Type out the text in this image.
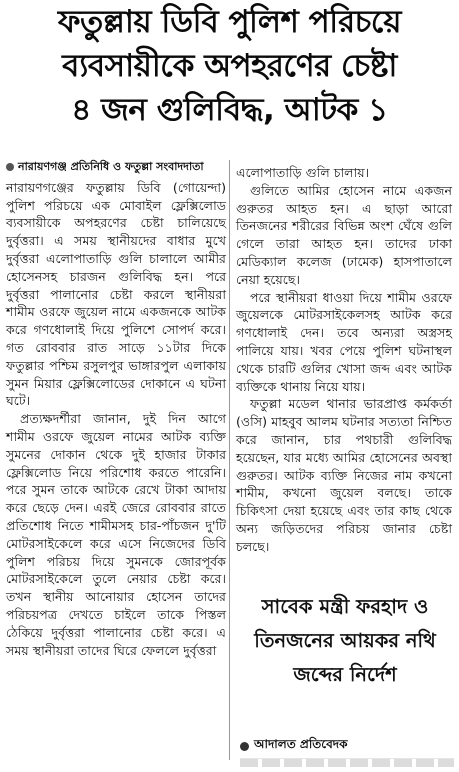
ফতুল্লায় ডিবি পুলিশ পরিচয়ে
ব্যবসায়ীকে অপহরণের চেষ্টা
৪ জন গুলিবিদ্ধ, আটক ১
নারায়ণগঞ্জ প্রতিনিধি ও ফতুল্লা সংবাদদাতা

নারায়ণগঞ্জের ফতুল্লায় ডিবি (গোয়েন্দা) পুলিশ পরিচয়ে এক মোবাইল ফ্লেক্সিলোড ব্যবসায়ীকে অপহরণের চেষ্টা চালিয়েছে দুর্বৃত্তরা। এ সময় স্থানীয়দের বাধার মুখে দুর্বৃত্তরা এলোপাতাড়ি গুলি চালালে আমীর হোসেনসহ চারজন গুলিবিদ্ধ হন। পরে দুর্বৃত্তরা পালানোর চেষ্টা করলে স্থানীয়রা শামীম ওরফে জুয়েল নামে একজনকে আটক করে গণধোলাই দিয়ে পুলিশে সোপর্দ করে। গত রোববার রাত সাড়ে ১১টার দিকে ফতুল্লার পশ্চিম রসুলপুর ভাঙ্গারপুল এলাকায় সুমন মিয়ার ফ্লেক্সিলোডের দোকানে এ ঘটনা ঘটে।

প্রত্যক্ষদর্শীরা জানান, দুই দিন আগে শামীম ওরফে জুয়েল নামের আটক ব্যক্তি সুমনের দোকান থেকে দুই হাজার টাকার ফ্লেক্সিলোড নিয়ে পরিশোধ করতে পারেনি। পরে সুমন তাকে আটকে রেখে টাকা আদায় করে ছেড়ে দেন। এরই জেরে রোববার রাতে প্রতিশোধ নিতে শামীমসহ চার-পাঁচজন দু'টি মোটরসাইকেলে করে এসে নিজেদের ডিবি পুলিশ পরিচয় দিয়ে সুমনকে জোরপূর্বক মোটরসাইকেলে তুলে নেয়ার চেষ্টা করে। তখন স্থানীয় আনোয়ার হোসেন তাদের পরিচয়পত্র দেখতে চাইলে তাকে পিস্তল ঠেকিয়ে দুর্বৃত্তরা পালানোর চেষ্টা করে। এ সময় স্থানীয়রা তাদের ঘিরে ফেললে দুর্বৃত্তরা

এলোপাতাড়ি গুলি চালায়।

গুলিতে আমির হোসেন নামে একজন গুরুতর আহত হন। এ ছাড়া আরো তিনজনের শরীরের বিভিন্ন অংশ ঘেঁষে গুলি গেলে তারা আহত হন। তাদের ঢাকা মেডিক্যাল কলেজ (ঢামেক) হাসপাতালে নেয়া হয়েছে।

পরে স্থানীয়রা ধাওয়া দিয়ে শামীম ওরফে জুয়েলকে মোটরসাইকেলসহ আটক করে গণধোলাই দেন। তবে অন্যরা অস্ত্রসহ পালিয়ে যায়। খবর পেয়ে পুলিশ ঘটনাস্থল থেকে চারটি গুলির খোসা জব্দ এবং আটক ব্যক্তিকে থানায় নিয়ে যায়।

ফতুল্লা মডেল থানার ভারপ্রাপ্ত কর্মকর্তা (ওসি) মাহবুব আলম ঘটনার সত্যতা নিশ্চিত করে জানান, চার পথচারী গুলিবিদ্ধ হয়েছেন, যার মধ্যে আমির হোসেনের অবস্থা গুরুতর। আটক ব্যক্তি নিজের নাম কখনো শামীম, কখনো জুয়েল বলছে। তাকে চিকিৎসা দেয়া হয়েছে এবং তার কাছ থেকে অন্য জড়িতদের পরিচয় জানার চেষ্টা চলছে।

সাবেক মন্ত্রী ফরহাদ ও
তিনজনের আয়কর নথি
জব্দের নির্দেশ
আদালত প্রতিবেদক
